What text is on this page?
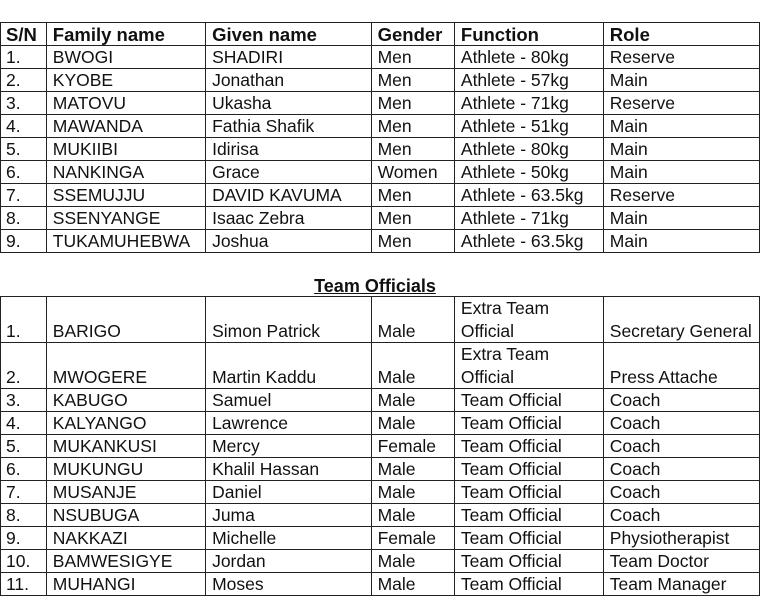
S/N	Family name	Given name	Gender	Function	Role
1.	BWOGI	SHADIRI	Men	Athlete - 80kg	Reserve
2.	KYOBE	Jonathan	Men	Athlete - 57kg	Main
3.	MATOVU	Ukasha	Men	Athlete - 71kg	Reserve
4.	MAWANDA	Fathia Shafik	Men	Athlete - 51kg	Main
5.	MUKIIBI	Idirisa	Men	Athlete - 80kg	Main
6.	NANKINGA	Grace	Women	Athlete - 50kg	Main
7.	SSEMUJJU	DAVID KAVUMA	Men	Athlete - 63.5kg	Reserve
8.	SSENYANGE	Isaac Zebra	Men	Athlete - 71kg	Main
9.	TUKAMUHEBWA	Joshua	Men	Athlete - 63.5kg	Main
Team Officials
1.	BARIGO	Simon Patrick	Male	Extra Team Official	Secretary General
2.	MWOGERE	Martin Kaddu	Male	Extra Team Official	Press Attache
3.	KABUGO	Samuel	Male	Team Official	Coach
4.	KALYANGO	Lawrence	Male	Team Official	Coach
5.	MUKANKUSI	Mercy	Female	Team Official	Coach
6.	MUKUNGU	Khalil Hassan	Male	Team Official	Coach
7.	MUSANJE	Daniel	Male	Team Official	Coach
8.	NSUBUGA	Juma	Male	Team Official	Coach
9.	NAKKAZI	Michelle	Female	Team Official	Physiotherapist
10.	BAMWESIGYE	Jordan	Male	Team Official	Team Doctor
11.	MUHANGI	Moses	Male	Team Official	Team Manager
